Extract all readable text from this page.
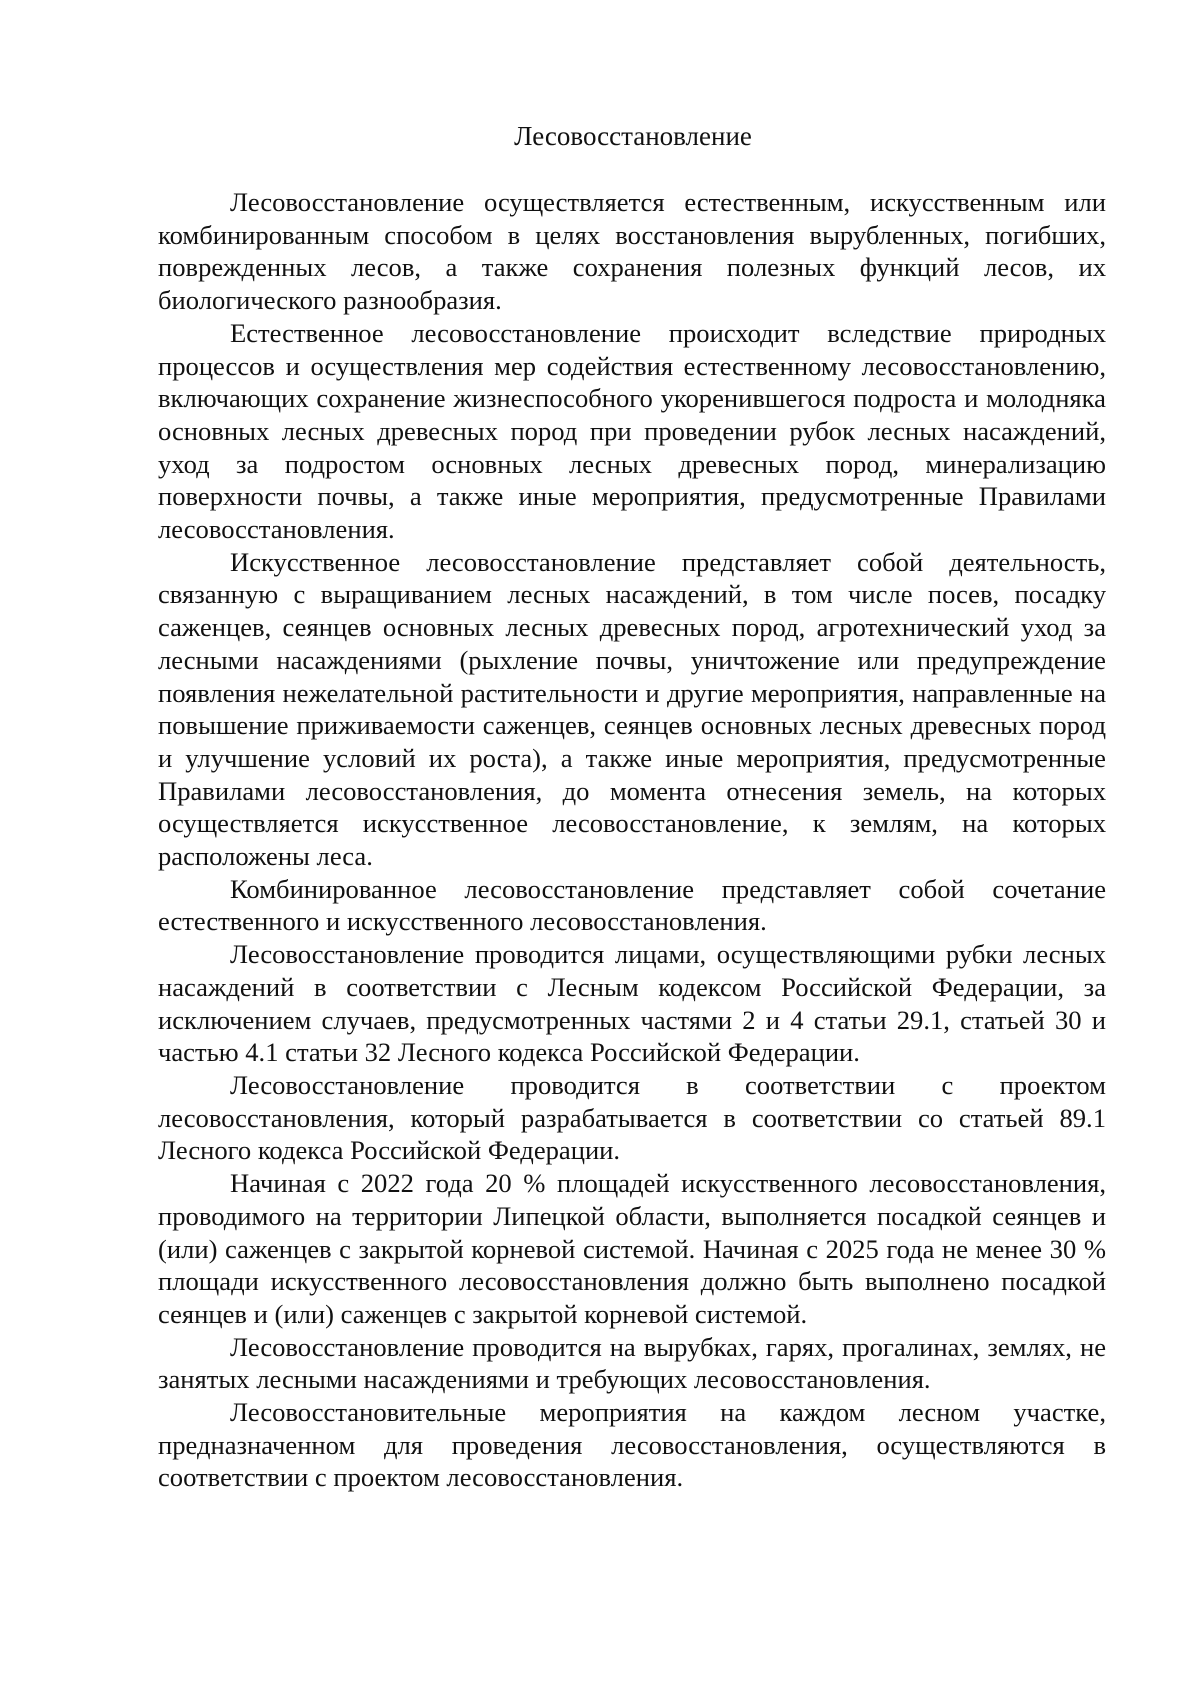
Лесовосстановление

Лесовосстановление осуществляется естественным, искусственным или комбинированным способом в целях восстановления вырубленных, погибших, поврежденных лесов, а также сохранения полезных функций лесов, их биологического разнообразия.

Естественное лесовосстановление происходит вследствие природных процессов и осуществления мер содействия естественному лесовосстановлению, включающих сохранение жизнеспособного укоренившегося подроста и молодняка основных лесных древесных пород при проведении рубок лесных насаждений, уход за подростом основных лесных древесных пород, минерализацию поверхности почвы, а также иные мероприятия, предусмотренные Правилами лесовосстановления.

Искусственное лесовосстановление представляет собой деятельность, связанную с выращиванием лесных насаждений, в том числе посев, посадку саженцев, сеянцев основных лесных древесных пород, агротехнический уход за лесными насаждениями (рыхление почвы, уничтожение или предупреждение появления нежелательной растительности и другие мероприятия, направленные на повышение приживаемости саженцев, сеянцев основных лесных древесных пород и улучшение условий их роста), а также иные мероприятия, предусмотренные Правилами лесовосстановления, до момента отнесения земель, на которых осуществляется искусственное лесовосстановление, к землям, на которых расположены леса.

Комбинированное лесовосстановление представляет собой сочетание естественного и искусственного лесовосстановления.

Лесовосстановление проводится лицами, осуществляющими рубки лесных насаждений в соответствии с Лесным кодексом Российской Федерации, за исключением случаев, предусмотренных частями 2 и 4 статьи 29.1, статьей 30 и частью 4.1 статьи 32 Лесного кодекса Российской Федерации.

Лесовосстановление проводится в соответствии с проектом лесовосстановления, который разрабатывается в соответствии со статьей 89.1 Лесного кодекса Российской Федерации.

Начиная с 2022 года 20 % площадей искусственного лесовосстановления, проводимого на территории Липецкой области, выполняется посадкой сеянцев и (или) саженцев с закрытой корневой системой. Начиная с 2025 года не менее 30 % площади искусственного лесовосстановления должно быть выполнено посадкой сеянцев и (или) саженцев с закрытой корневой системой.

Лесовосстановление проводится на вырубках, гарях, прогалинах, землях, не занятых лесными насаждениями и требующих лесовосстановления.

Лесовосстановительные мероприятия на каждом лесном участке, предназначенном для проведения лесовосстановления, осуществляются в соответствии с проектом лесовосстановления.
